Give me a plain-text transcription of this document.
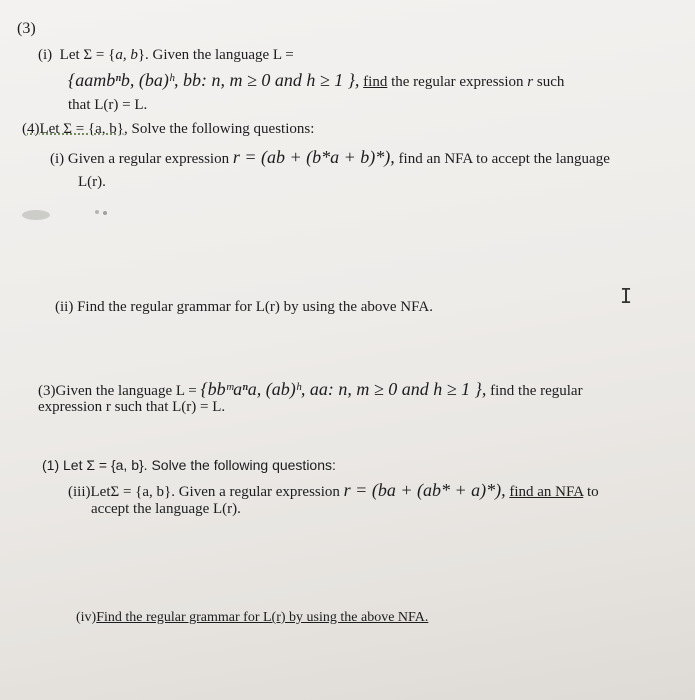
(3)
(i) Let Σ = {a, b}. Given the language L =
{aambⁿb, (ba)ʰ, bb: n, m ≥ 0 and h ≥ 1 }, find the regular expression r such
that L(r) = L.
(4)Let Σ = {a, b}, Solve the following questions:
(i) Given a regular expression r = (ab + (b*a + b)*), find an NFA to accept the language
L(r).
(ii) Find the regular grammar for L(r) by using the above NFA.	I
(3)Given the language L = {bbᵐaⁿa, (ab)ʰ, aa: n, m ≥ 0 and h ≥ 1 }, find the regular
expression r such that L(r) = L.
(1) Let Σ = {a, b}. Solve the following questions:
(iii)LetΣ = {a, b}. Given a regular expression r = (ba + (ab* + a)*), find an NFA to
accept the language L(r).
(iv)Find the regular grammar for L(r) by using the above NFA.
